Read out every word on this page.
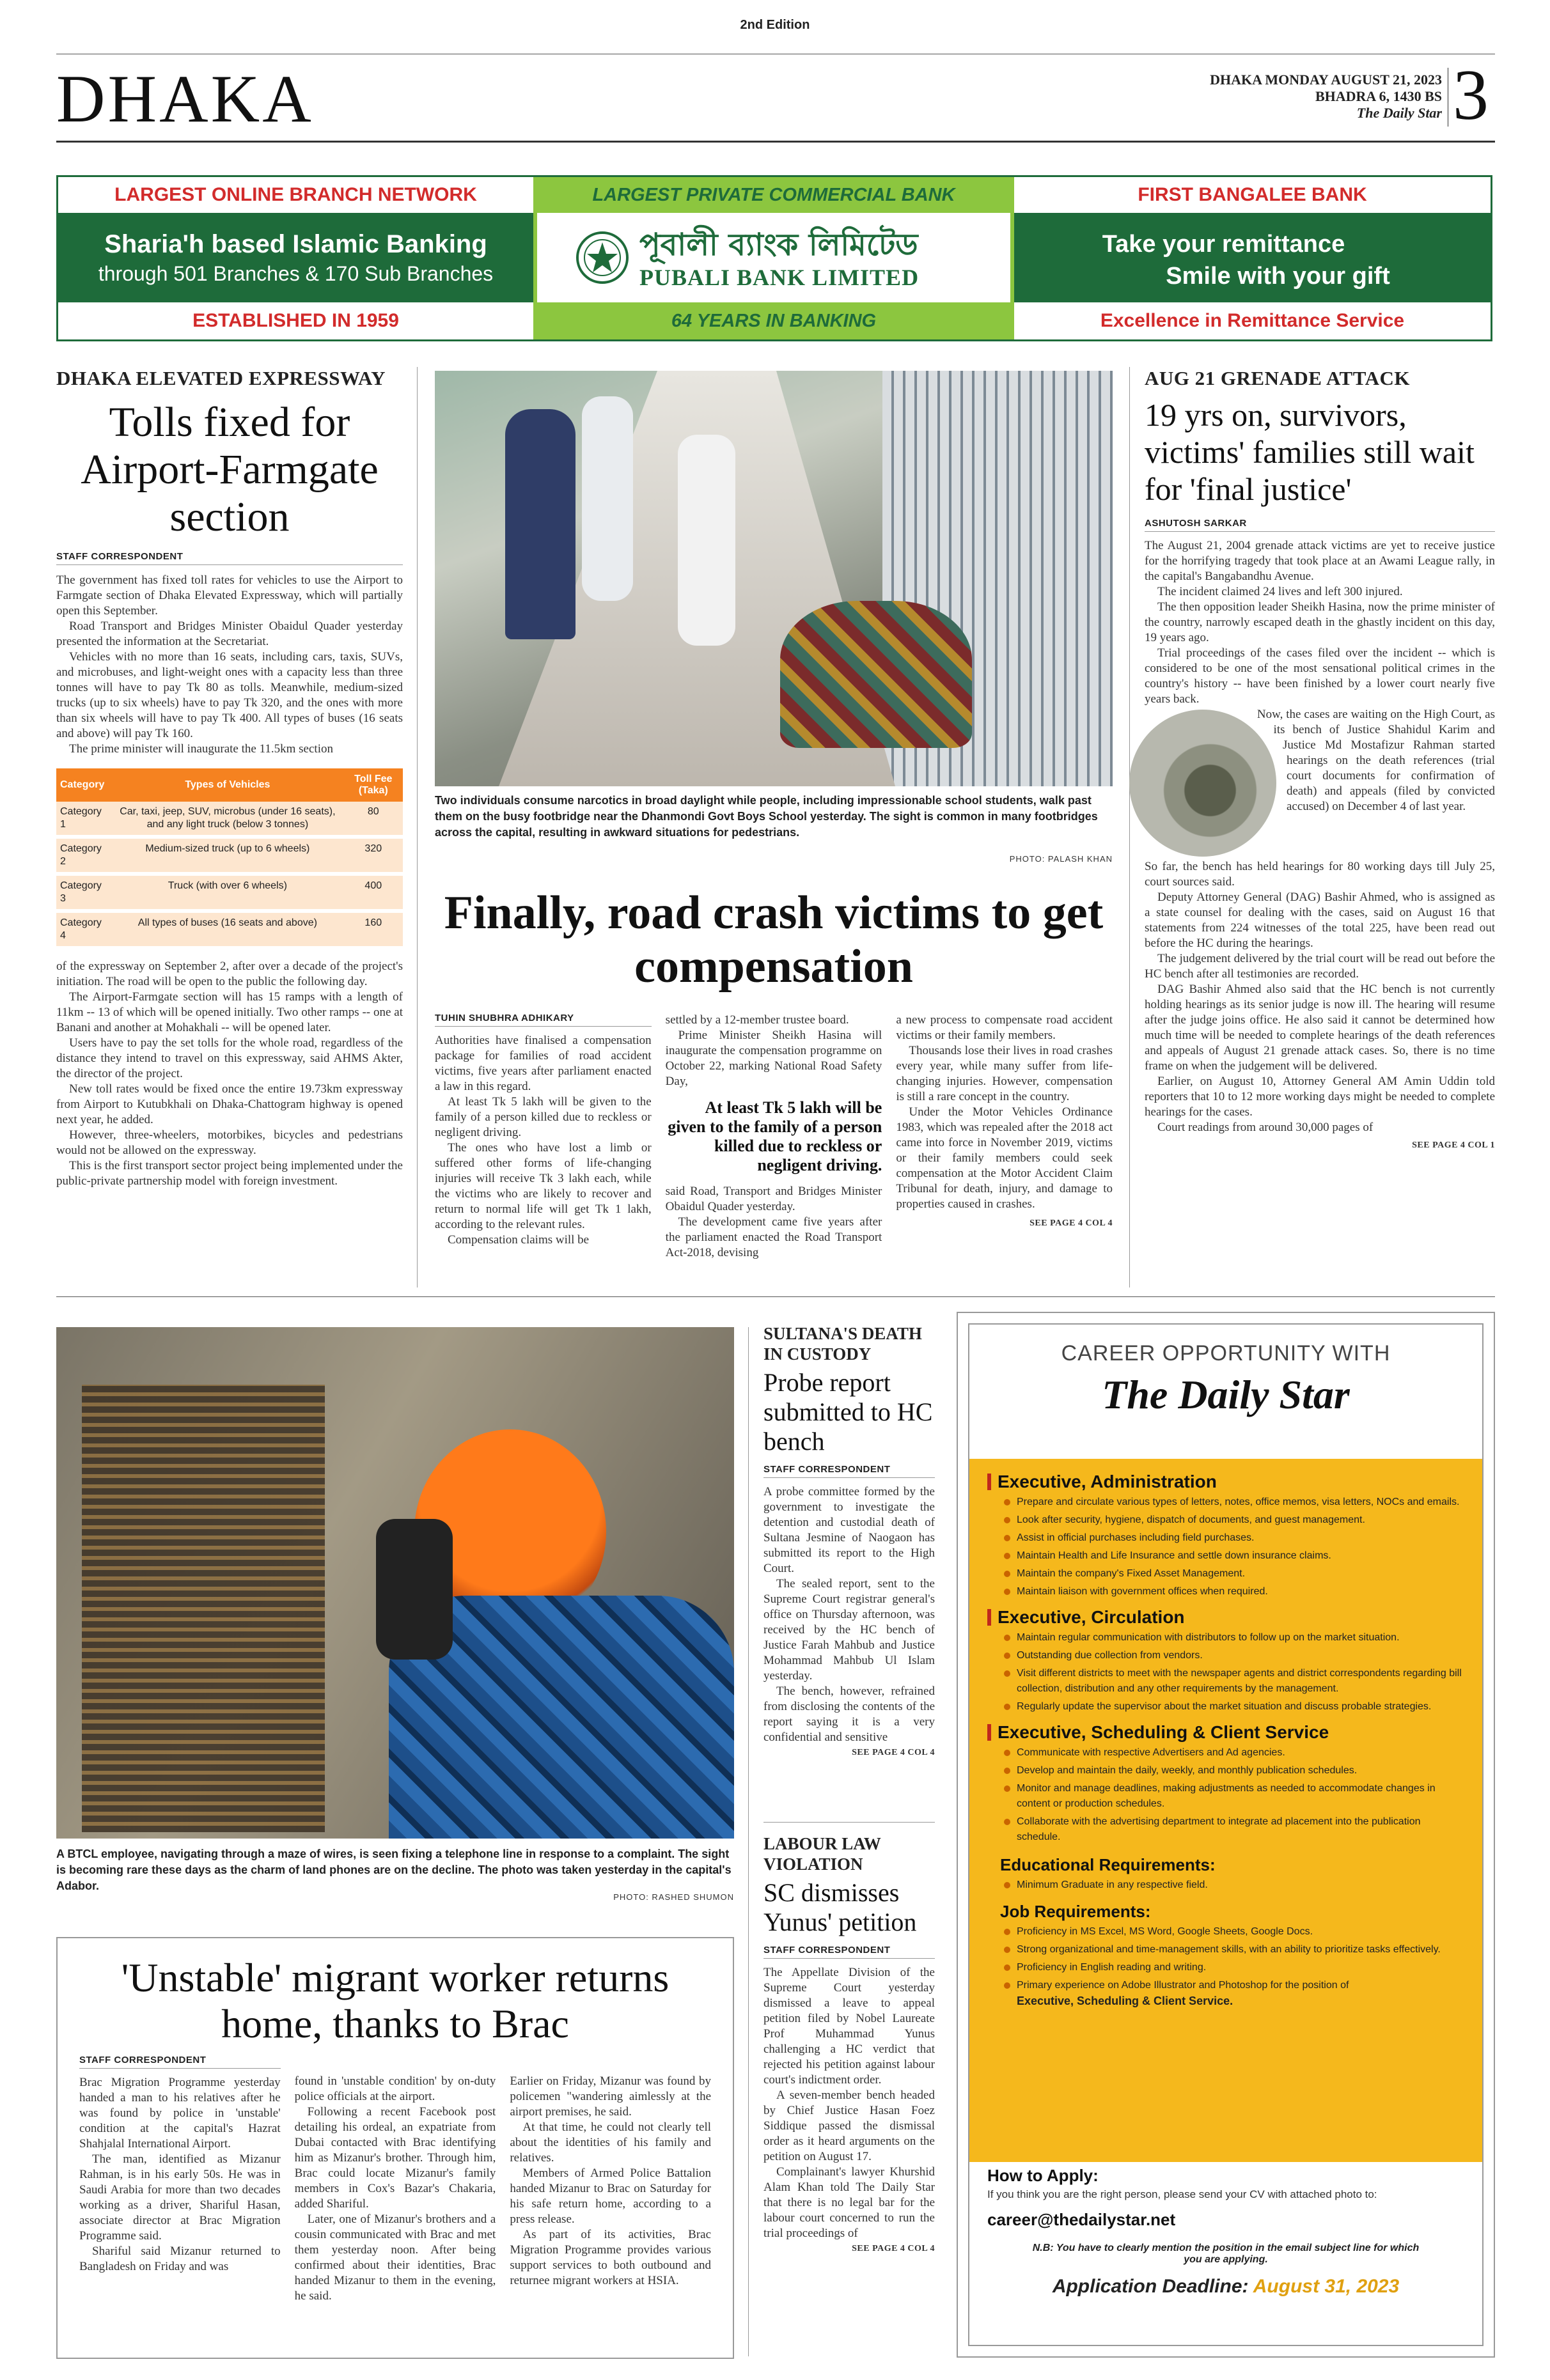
2nd Edition
DHAKA	DHAKA MONDAY AUGUST 21, 2023
BHADRA 6, 1430 BS
The Daily Star 3
LARGEST ONLINE BRANCH NETWORK	LARGEST PRIVATE COMMERCIAL BANK	FIRST BANGALEE BANK
Sharia'h based Islamic Banking
through 501 Branches & 170 Sub Branches
পূবালী ব্যাংক লিমিটেড
PUBALI BANK LIMITED
Take your remittance
Smile with your gift
ESTABLISHED IN 1959	64 YEARS IN BANKING	Excellence in Remittance Service
DHAKA ELEVATED EXPRESSWAY
Tolls fixed for Airport-Farmgate section
STAFF CORRESPONDENT

The government has fixed toll rates for vehicles to use the Airport to Farmgate section of Dhaka Elevated Expressway, which will partially open this September.

Road Transport and Bridges Minister Obaidul Quader yesterday presented the information at the Secretariat.

Vehicles with no more than 16 seats, including cars, taxis, SUVs, and microbuses, and light-weight ones with a capacity less than three tonnes will have to pay Tk 80 as tolls. Meanwhile, medium-sized trucks (up to six wheels) have to pay Tk 320, and the ones with more than six wheels will have to pay Tk 400. All types of buses (16 seats and above) will pay Tk 160.

The prime minister will inaugurate the 11.5km section

Category	Types of Vehicles	Toll Fee (Taka)
Category 1	Car, taxi, jeep, SUV, microbus (under 16 seats), and any light truck (below 3 tonnes)	80
Category 2	Medium-sized truck (up to 6 wheels)	320
Category 3	Truck (with over 6 wheels)	400
Category 4	All types of buses (16 seats and above)	160

of the expressway on September 2, after over a decade of the project's initiation. The road will be open to the public the following day.

The Airport-Farmgate section will has 15 ramps with a length of 11km -- 13 of which will be opened initially. Two other ramps -- one at Banani and another at Mohakhali -- will be opened later.

Users have to pay the set tolls for the whole road, regardless of the distance they intend to travel on this expressway, said AHMS Akter, the director of the project.

New toll rates would be fixed once the entire 19.73km expressway from Airport to Kutubkhali on Dhaka-Chattogram highway is opened next year, he added.

However, three-wheelers, motorbikes, bicycles and pedestrians would not be allowed on the expressway.

This is the first transport sector project being implemented under the public-private partnership model with foreign investment.

Two individuals consume narcotics in broad daylight while people, including impressionable school students, walk past them on the busy footbridge near the Dhanmondi Govt Boys School yesterday. The sight is common in many footbridges across the capital, resulting in awkward situations for pedestrians.
PHOTO: PALASH KHAN
Finally, road crash victims to get compensation
TUHIN SHUBHRA ADHIKARY

Authorities have finalised a compensation package for families of road accident victims, five years after parliament enacted a law in this regard.

At least Tk 5 lakh will be given to the family of a person killed due to reckless or negligent driving.

The ones who have lost a limb or suffered other forms of life-changing injuries will receive Tk 3 lakh each, while the victims who are likely to recover and return to normal life will get Tk 1 lakh, according to the relevant rules.

Compensation claims will be

settled by a 12-member trustee board.

Prime Minister Sheikh Hasina will inaugurate the compensation programme on October 22, marking National Road Safety Day,

At least Tk 5 lakh will be given to the family of a person killed due to reckless or negligent driving.

said Road, Transport and Bridges Minister Obaidul Quader yesterday.

The development came five years after the parliament enacted the Road Transport Act-2018, devising

a new process to compensate road accident victims or their family members.

Thousands lose their lives in road crashes every year, while many suffer from life-changing injuries. However, compensation is still a rare concept in the country.

Under the Motor Vehicles Ordinance 1983, which was repealed after the 2018 act came into force in November 2019, victims or their family members could seek compensation at the Motor Accident Claim Tribunal for death, injury, and damage to properties caused in crashes.

SEE PAGE 4 COL 4
AUG 21 GRENADE ATTACK
19 yrs on, survivors, victims' families still wait for 'final justice'
ASHUTOSH SARKAR

The August 21, 2004 grenade attack victims are yet to receive justice for the horrifying tragedy that took place at an Awami League rally, in the capital's Bangabandhu Avenue.

The incident claimed 24 lives and left 300 injured.

The then opposition leader Sheikh Hasina, now the prime minister of the country, narrowly escaped death in the ghastly incident on this day, 19 years ago.

Trial proceedings of the cases filed over the incident -- which is considered to be one of the most sensational political crimes in the country's history -- have been finished by a lower court nearly five years back.

Now, the cases are waiting on the High Court, as its bench of Justice Shahidul Karim and Justice Md Mostafizur Rahman started hearings on the death references (trial court documents for confirmation of death) and appeals (filed by convicted accused) on December 4 of last year.

So far, the bench has held hearings for 80 working days till July 25, court sources said.

Deputy Attorney General (DAG) Bashir Ahmed, who is assigned as a state counsel for dealing with the cases, said on August 16 that statements from 224 witnesses of the total 225, have been read out before the HC during the hearings.

The judgement delivered by the trial court will be read out before the HC bench after all testimonies are recorded.

DAG Bashir Ahmed also said that the HC bench is not currently holding hearings as its senior judge is now ill. The hearing will resume after the judge joins office. He also said it cannot be determined how much time will be needed to complete hearings of the death references and appeals of August 21 grenade attack cases. So, there is no time frame on when the judgement will be delivered.

Earlier, on August 10, Attorney General AM Amin Uddin told reporters that 10 to 12 more working days might be needed to complete hearings for the cases.

Court readings from around 30,000 pages of

SEE PAGE 4 COL 1
A BTCL employee, navigating through a maze of wires, is seen fixing a telephone line in response to a complaint. The sight is becoming rare these days as the charm of land phones are on the decline. The photo was taken yesterday in the capital's Adabor.
PHOTO: RASHED SHUMON
SULTANA'S DEATH IN CUSTODY
Probe report submitted to HC bench
STAFF CORRESPONDENT

A probe committee formed by the government to investigate the detention and custodial death of Sultana Jesmine of Naogaon has submitted its report to the High Court.

The sealed report, sent to the Supreme Court registrar general's office on Thursday afternoon, was received by the HC bench of Justice Farah Mahbub and Justice Mohammad Mahbub Ul Islam yesterday.

The bench, however, refrained from disclosing the contents of the report saying it is a very confidential and sensitive

SEE PAGE 4 COL 4
LABOUR LAW VIOLATION
SC dismisses Yunus' petition
STAFF CORRESPONDENT

The Appellate Division of the Supreme Court yesterday dismissed a leave to appeal petition filed by Nobel Laureate Prof Muhammad Yunus challenging a HC verdict that rejected his petition against labour court's indictment order.

A seven-member bench headed by Chief Justice Hasan Foez Siddique passed the dismissal order as it heard arguments on the petition on August 17.

Complainant's lawyer Khurshid Alam Khan told The Daily Star that there is no legal bar for the labour court concerned to run the trial proceedings of

SEE PAGE 4 COL 4
'Unstable' migrant worker returns home, thanks to Brac
STAFF CORRESPONDENT

Brac Migration Programme yesterday handed a man to his relatives after he was found by police in 'unstable' condition at the capital's Hazrat Shahjalal International Airport.

The man, identified as Mizanur Rahman, is in his early 50s. He was in Saudi Arabia for more than two decades working as a driver, Shariful Hasan, associate director at Brac Migration Programme said.

Shariful said Mizanur returned to Bangladesh on Friday and was

found in 'unstable condition' by on-duty police officials at the airport.

Following a recent Facebook post detailing his ordeal, an expatriate from Dubai contacted with Brac identifying him as Mizanur's brother. Through him, Brac could locate Mizanur's family members in Cox's Bazar's Chakaria, added Shariful.

Later, one of Mizanur's brothers and a cousin communicated with Brac and met them yesterday noon. After being confirmed about their identities, Brac handed Mizanur to them in the evening, he said.

Earlier on Friday, Mizanur was found by policemen "wandering aimlessly at the airport premises, he said.

At that time, he could not clearly tell about the identities of his family and relatives.

Members of Armed Police Battalion handed Mizanur to Brac on Saturday for his safe return home, according to a press release.

As part of its activities, Brac Migration Programme provides various support services to both outbound and returnee migrant workers at HSIA.

CAREER OPPORTUNITY WITH
The Daily Star
Executive, Administration
Prepare and circulate various types of letters, notes, office memos, visa letters, NOCs and emails.
Look after security, hygiene, dispatch of documents, and guest management.
Assist in official purchases including field purchases.
Maintain Health and Life Insurance and settle down insurance claims.
Maintain the company's Fixed Asset Management.
Maintain liaison with government offices when required.
Executive, Circulation
Maintain regular communication with distributors to follow up on the market situation.
Outstanding due collection from vendors.
Visit different districts to meet with the newspaper agents and district correspondents regarding bill collection, distribution and any other requirements by the management.
Regularly update the supervisor about the market situation and discuss probable strategies.
Executive, Scheduling & Client Service
Communicate with respective Advertisers and Ad agencies.
Develop and maintain the daily, weekly, and monthly publication schedules.
Monitor and manage deadlines, making adjustments as needed to accommodate changes in content or production schedules.
Collaborate with the advertising department to integrate ad placement into the publication schedule.
Educational Requirements:
Minimum Graduate in any respective field.
Job Requirements:
Proficiency in MS Excel, MS Word, Google Sheets, Google Docs.
Strong organizational and time-management skills, with an ability to prioritize tasks effectively.
Proficiency in English reading and writing.
Primary experience on Adobe Illustrator and Photoshop for the position of
Executive, Scheduling & Client Service.
How to Apply:
If you think you are the right person, please send your CV with attached photo to:
career@thedailystar.net
N.B: You have to clearly mention the position in the email subject line for which you are applying.
Application Deadline: August 31, 2023
